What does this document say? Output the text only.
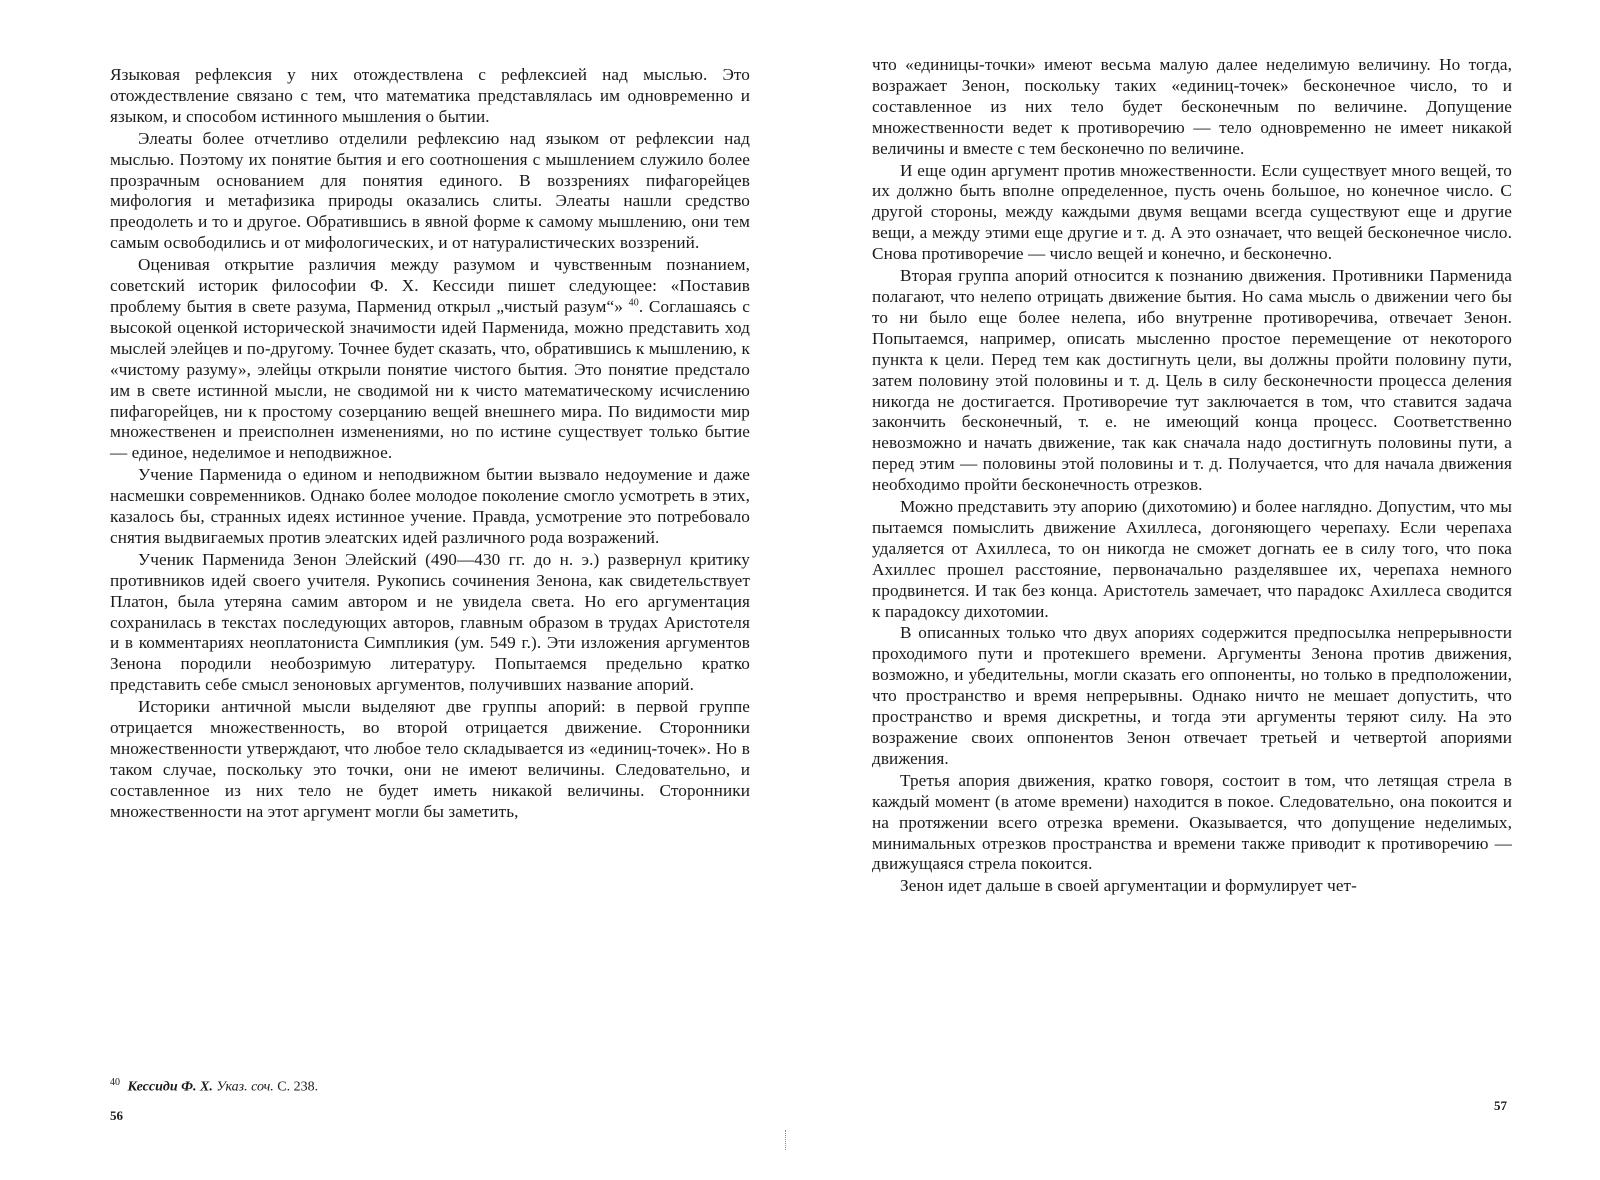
Языковая рефлексия у них отождествлена с рефлексией над мыслью. Это отождествление связано с тем, что математика представлялась им одновременно и языком, и способом истинного мышления о бытии.

Элеаты более отчетливо отделили рефлексию над языком от рефлексии над мыслью. Поэтому их понятие бытия и его соотношения с мышлением служило более прозрачным основанием для понятия единого. В воззрениях пифагорейцев мифология и метафизика природы оказались слиты. Элеаты нашли средство преодолеть и то и другое. Обратившись в явной форме к самому мышлению, они тем самым освободились и от мифологических, и от натуралистических воззрений.

Оценивая открытие различия между разумом и чувственным познанием, советский историк философии Ф. Х. Кессиди пишет следующее: «Поставив проблему бытия в свете разума, Парменид открыл „чистый разум“» $^{40}$. Соглашаясь с высокой оценкой исторической значимости идей Парменида, можно представить ход мыслей элейцев и по-другому. Точнее будет сказать, что, обратившись к мышлению, к «чистому разуму», элейцы открыли понятие чистого бытия. Это понятие предстало им в свете истинной мысли, не сводимой ни к чисто математическому исчислению пифагорейцев, ни к простому созерцанию вещей внешнего мира. По видимости мир множественен и преисполнен изменениями, но по истине существует только бытие — единое, неделимое и неподвижное.

Учение Парменида о едином и неподвижном бытии вызвало недоумение и даже насмешки современников. Однако более молодое поколение смогло усмотреть в этих, казалось бы, странных идеях истинное учение. Правда, усмотрение это потребовало снятия выдвигаемых против элеатских идей различного рода возражений.

Ученик Парменида Зенон Элейский (490—430 гг. до н. э.) развернул критику противников идей своего учителя. Рукопись сочинения Зенона, как свидетельствует Платон, была утеряна самим автором и не увидела света. Но его аргументация сохранилась в текстах последующих авторов, главным образом в трудах Аристотеля и в комментариях неоплатониста Симпликия (ум. 549 г.). Эти изложения аргументов Зенона породили необозримую литературу. Попытаемся предельно кратко представить себе смысл зеноновых аргументов, получивших название апорий.

Историки античной мысли выделяют две группы апорий: в первой группе отрицается множественность, во второй отрицается движение. Сторонники множественности утверждают, что любое тело складывается из «единиц-точек». Но в таком случае, поскольку это точки, они не имеют величины. Следовательно, и составленное из них тело не будет иметь никакой величины. Сторонники множественности на этот аргумент могли бы заметить,

$^{40}$ Кессиди Ф. Х. Указ. соч. С. 238.
56

что «единицы-точки» имеют весьма малую далее неделимую величину. Но тогда, возражает Зенон, поскольку таких «единиц-точек» бесконечное число, то и составленное из них тело будет бесконечным по величине. Допущение множественности ведет к противоречию — тело одновременно не имеет никакой величины и вместе с тем бесконечно по величине.

И еще один аргумент против множественности. Если существует много вещей, то их должно быть вполне определенное, пусть очень большое, но конечное число. С другой стороны, между каждыми двумя вещами всегда существуют еще и другие вещи, а между этими еще другие и т. д. А это означает, что вещей бесконечное число. Снова противоречие — число вещей и конечно, и бесконечно.

Вторая группа апорий относится к познанию движения. Противники Парменида полагают, что нелепо отрицать движение бытия. Но сама мысль о движении чего бы то ни было еще более нелепа, ибо внутренне противоречива, отвечает Зенон. Попытаемся, например, описать мысленно простое перемещение от некоторого пункта к цели. Перед тем как достигнуть цели, вы должны пройти половину пути, затем половину этой половины и т. д. Цель в силу бесконечности процесса деления никогда не достигается. Противоречие тут заключается в том, что ставится задача закончить бесконечный, т. е. не имеющий конца процесс. Соответственно невозможно и начать движение, так как сначала надо достигнуть половины пути, а перед этим — половины этой половины и т. д. Получается, что для начала движения необходимо пройти бесконечность отрезков.

Можно представить эту апорию (дихотомию) и более наглядно. Допустим, что мы пытаемся помыслить движение Ахиллеса, догоняющего черепаху. Если черепаха удаляется от Ахиллеса, то он никогда не сможет догнать ее в силу того, что пока Ахиллес прошел расстояние, первоначально разделявшее их, черепаха немного продвинется. И так без конца. Аристотель замечает, что парадокс Ахиллеса сводится к парадоксу дихотомии.

В описанных только что двух апориях содержится предпосылка непрерывности проходимого пути и протекшего времени. Аргументы Зенона против движения, возможно, и убедительны, могли сказать его оппоненты, но только в предположении, что пространство и время непрерывны. Однако ничто не мешает допустить, что пространство и время дискретны, и тогда эти аргументы теряют силу. На это возражение своих оппонентов Зенон отвечает третьей и четвертой апориями движения.

Третья апория движения, кратко говоря, состоит в том, что летящая стрела в каждый момент (в атоме времени) находится в покое. Следовательно, она покоится и на протяжении всего отрезка времени. Оказывается, что допущение неделимых, минимальных отрезков пространства и времени также приводит к противоречию — движущаяся стрела покоится.

Зенон идет дальше в своей аргументации и формулирует чет-

57
